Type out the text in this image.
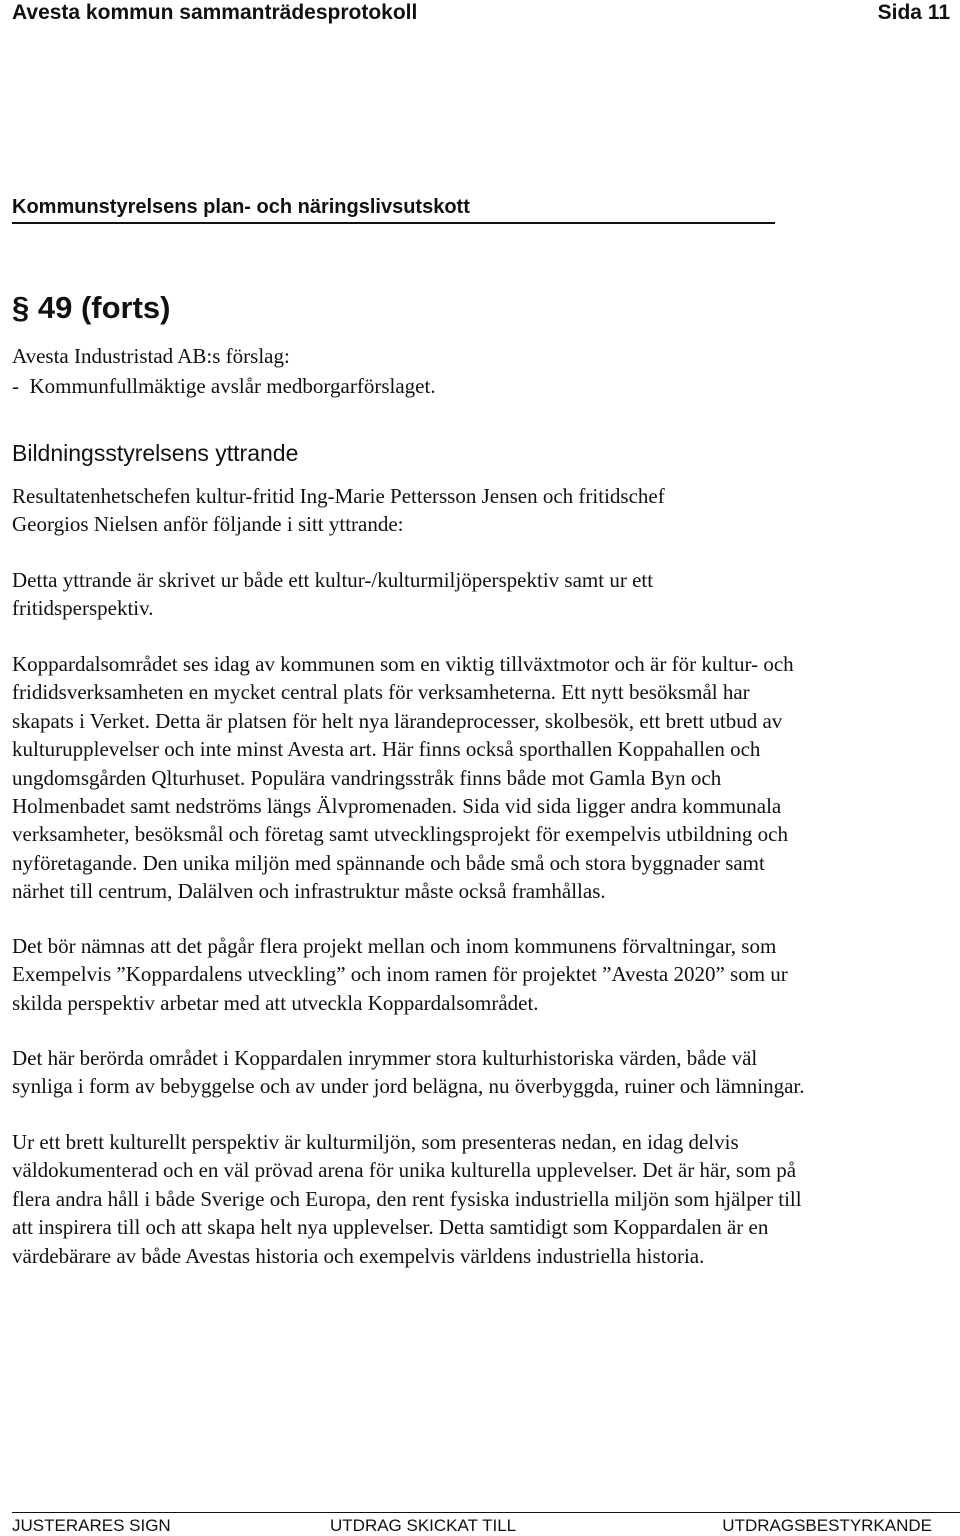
Avesta kommun sammanträdesprotokoll	Sida 11
Kommunstyrelsens plan- och näringslivsutskott
§ 49 (forts)
Avesta Industristad AB:s förslag:
-  Kommunfullmäktige avslår medborgarförslaget.
Bildningsstyrelsens yttrande
Resultatenhetschefen kultur-fritid Ing-Marie Pettersson Jensen och fritidschef
Georgios Nielsen anför följande i sitt yttrande:
Detta yttrande är skrivet ur både ett kultur-/kulturmiljöperspektiv samt ur ett
fritidsperspektiv.
Koppardalsområdet ses idag av kommunen som en viktig tillväxtmotor och är för kultur- och
frididsverksamheten en mycket central plats för verksamheterna. Ett nytt besöksmål har
skapats i Verket. Detta är platsen för helt nya lärandeprocesser, skolbesök, ett brett utbud av
kulturupplevelser och inte minst Avesta art. Här finns också sporthallen Koppahallen och
ungdomsgården Qlturhuset. Populära vandringsstråk finns både mot Gamla Byn och
Holmenbadet samt nedströms längs Älvpromenaden. Sida vid sida ligger andra kommunala
verksamheter, besöksmål och företag samt utvecklingsprojekt för exempelvis utbildning och
nyföretagande. Den unika miljön med spännande och både små och stora byggnader samt
närhet till centrum, Dalälven och infrastruktur måste också framhållas.
Det bör nämnas att det pågår flera projekt mellan och inom kommunens förvaltningar, som
Exempelvis ”Koppardalens utveckling” och inom ramen för projektet ”Avesta 2020” som ur
skilda perspektiv arbetar med att utveckla Koppardalsområdet.
Det här berörda området i Koppardalen inrymmer stora kulturhistoriska värden, både väl
synliga i form av bebyggelse och av under jord belägna, nu överbyggda, ruiner och lämningar.
Ur ett brett kulturellt perspektiv är kulturmiljön, som presenteras nedan, en idag delvis
väldokumenterad och en väl prövad arena för unika kulturella upplevelser. Det är här, som på
flera andra håll i både Sverige och Europa, den rent fysiska industriella miljön som hjälper till
att inspirera till och att skapa helt nya upplevelser. Detta samtidigt som Koppardalen är en
värdebärare av både Avestas historia och exempelvis världens industriella historia.
JUSTERARES SIGN	UTDRAG SKICKAT TILL	UTDRAGSBESTYRKANDE
